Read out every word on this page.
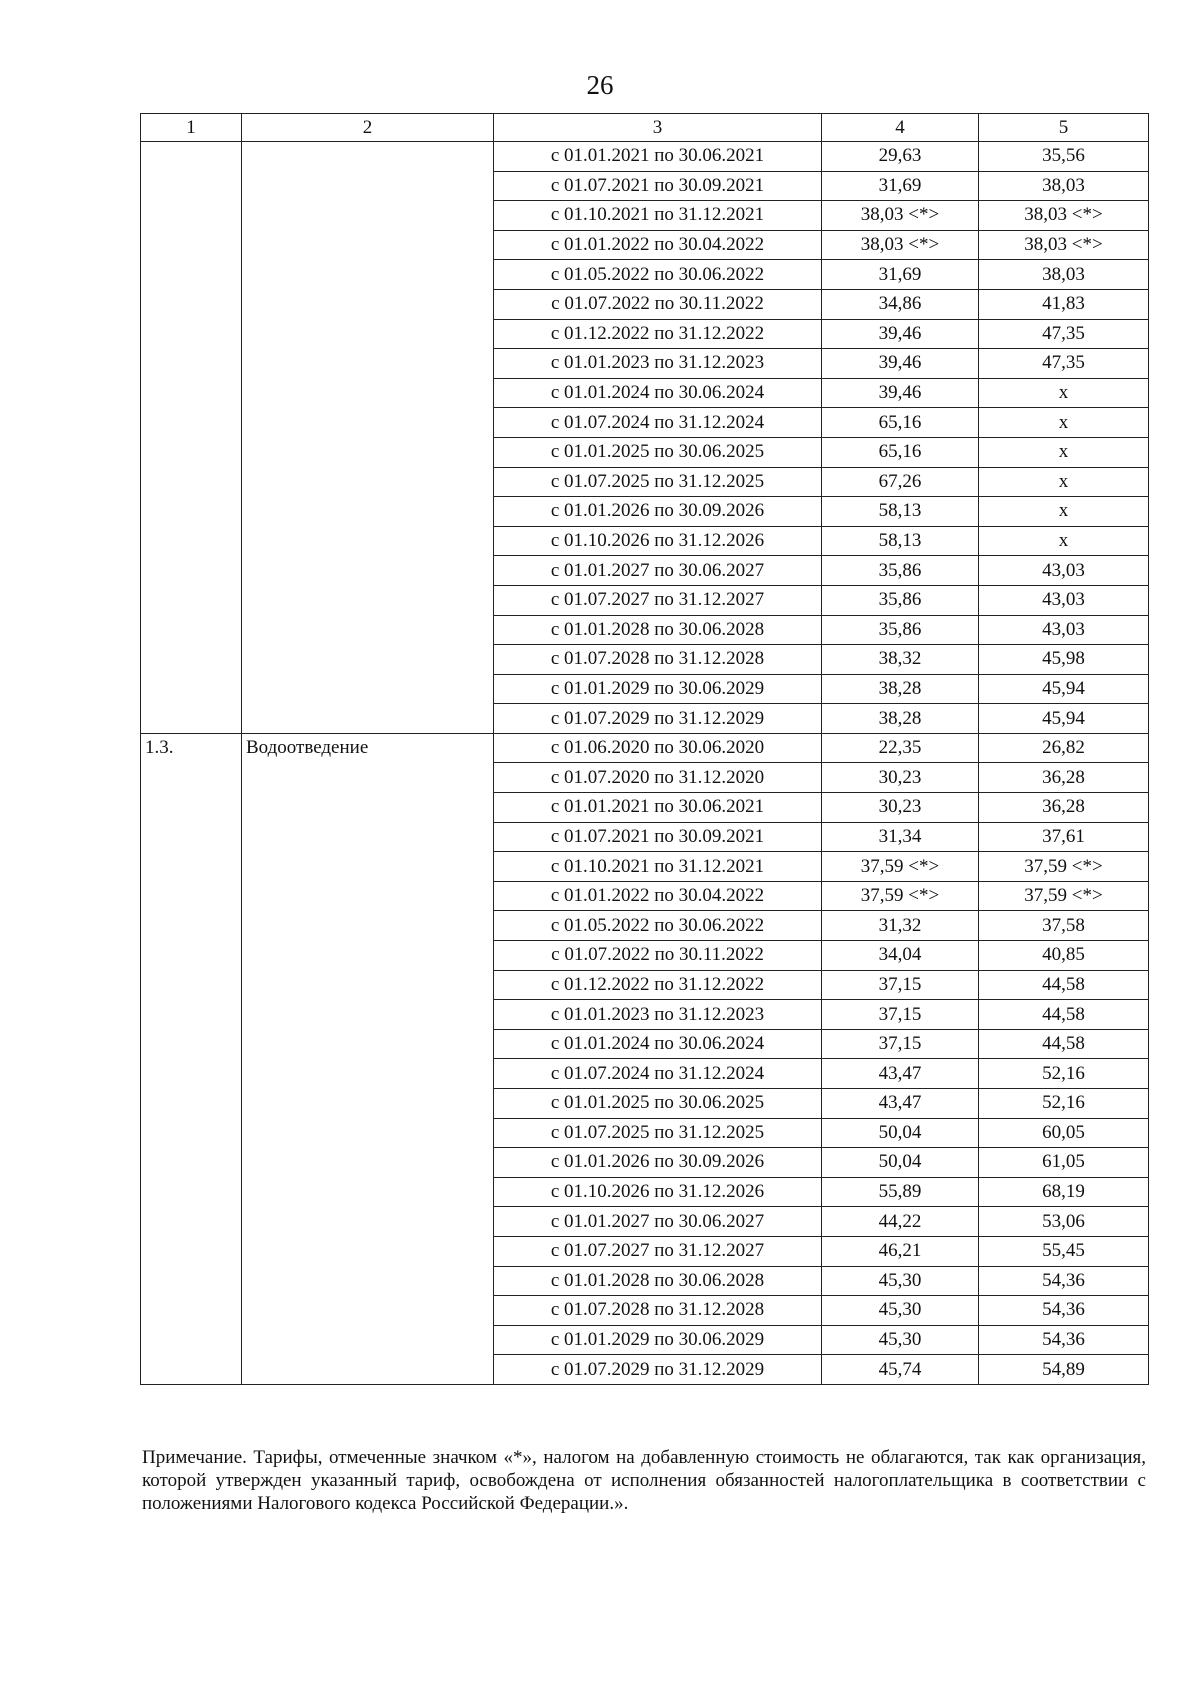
26
1	2	3	4	5
		с 01.01.2021 по 30.06.2021	29,63	35,56
		с 01.07.2021 по 30.09.2021	31,69	38,03
		с 01.10.2021 по 31.12.2021	38,03 <*>	38,03 <*>
		с 01.01.2022 по 30.04.2022	38,03 <*>	38,03 <*>
		с 01.05.2022 по 30.06.2022	31,69	38,03
		с 01.07.2022 по 30.11.2022	34,86	41,83
		с 01.12.2022 по 31.12.2022	39,46	47,35
		с 01.01.2023 по 31.12.2023	39,46	47,35
		с 01.01.2024 по 30.06.2024	39,46	х
		с 01.07.2024 по 31.12.2024	65,16	х
		с 01.01.2025 по 30.06.2025	65,16	х
		с 01.07.2025 по 31.12.2025	67,26	х
		с 01.01.2026 по 30.09.2026	58,13	х
		с 01.10.2026 по 31.12.2026	58,13	х
		с 01.01.2027 по 30.06.2027	35,86	43,03
		с 01.07.2027 по 31.12.2027	35,86	43,03
		с 01.01.2028 по 30.06.2028	35,86	43,03
		с 01.07.2028 по 31.12.2028	38,32	45,98
		с 01.01.2029 по 30.06.2029	38,28	45,94
		с 01.07.2029 по 31.12.2029	38,28	45,94
1.3.	Водоотведение	с 01.06.2020 по 30.06.2020	22,35	26,82
		с 01.07.2020 по 31.12.2020	30,23	36,28
		с 01.01.2021 по 30.06.2021	30,23	36,28
		с 01.07.2021 по 30.09.2021	31,34	37,61
		с 01.10.2021 по 31.12.2021	37,59 <*>	37,59 <*>
		с 01.01.2022 по 30.04.2022	37,59 <*>	37,59 <*>
		с 01.05.2022 по 30.06.2022	31,32	37,58
		с 01.07.2022 по 30.11.2022	34,04	40,85
		с 01.12.2022 по 31.12.2022	37,15	44,58
		с 01.01.2023 по 31.12.2023	37,15	44,58
		с 01.01.2024 по 30.06.2024	37,15	44,58
		с 01.07.2024 по 31.12.2024	43,47	52,16
		с 01.01.2025 по 30.06.2025	43,47	52,16
		с 01.07.2025 по 31.12.2025	50,04	60,05
		с 01.01.2026 по 30.09.2026	50,04	61,05
		с 01.10.2026 по 31.12.2026	55,89	68,19
		с 01.01.2027 по 30.06.2027	44,22	53,06
		с 01.07.2027 по 31.12.2027	46,21	55,45
		с 01.01.2028 по 30.06.2028	45,30	54,36
		с 01.07.2028 по 31.12.2028	45,30	54,36
		с 01.01.2029 по 30.06.2029	45,30	54,36
		с 01.07.2029 по 31.12.2029	45,74	54,89
Примечание. Тарифы, отмеченные значком «*», налогом на добавленную стоимость не облагаются, так как организация, которой утвержден указанный тариф, освобождена от исполнения обязанностей налогоплательщика в соответствии с положениями Налогового кодекса Российской Федерации.».
